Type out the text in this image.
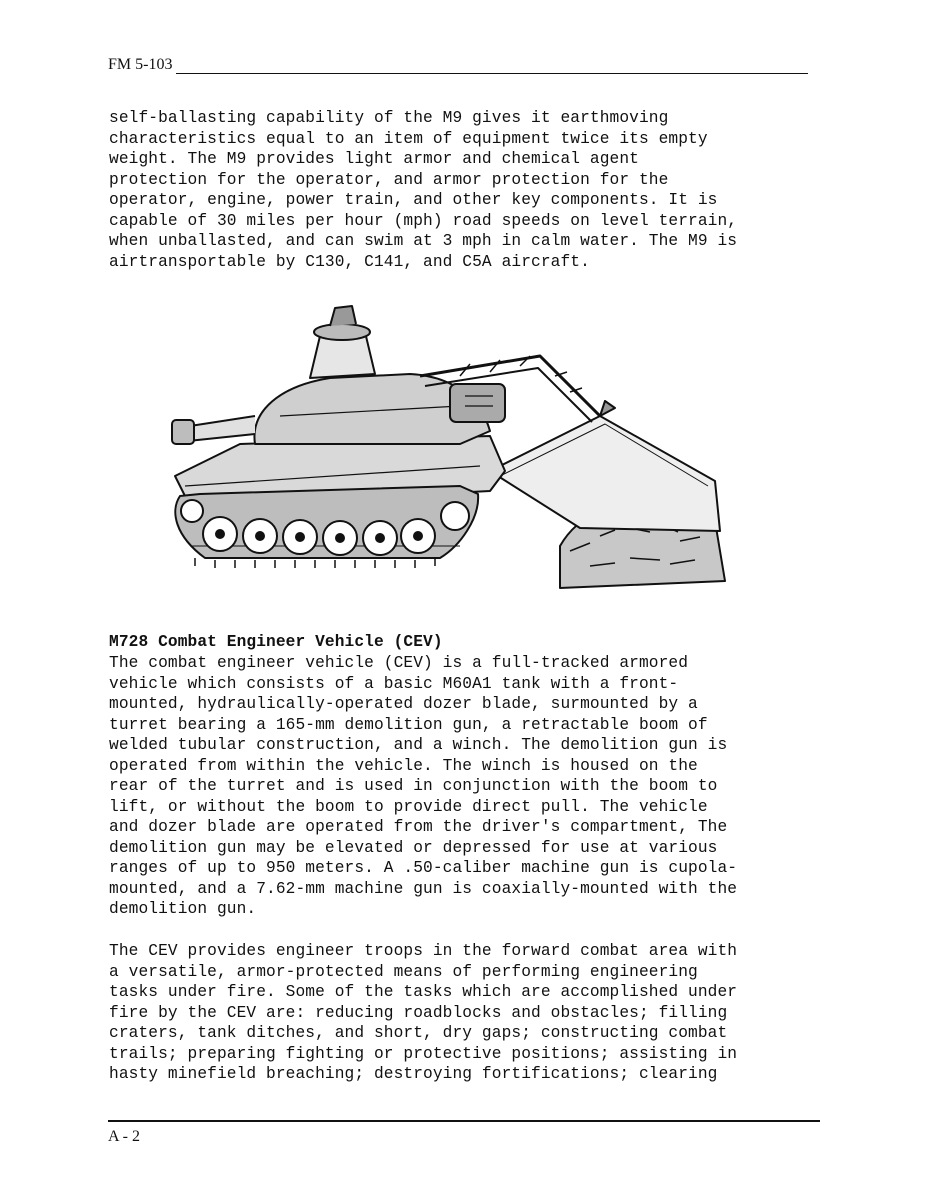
FM 5-103
self-ballasting capability of the M9 gives it earthmoving
characteristics equal to an item of equipment twice its empty
weight. The M9 provides light armor and chemical agent
protection for the operator, and armor protection for the
operator, engine, power train, and other key components. It is
capable of 30 miles per hour (mph) road speeds on level terrain,
when unballasted, and can swim at 3 mph in calm water. The M9 is
airtransportable by C130, C141, and C5A aircraft.
M728 Combat Engineer Vehicle (CEV)
The combat engineer vehicle (CEV) is a full-tracked armored
vehicle which consists of a basic M60A1 tank with a front-
mounted, hydraulically-operated dozer blade, surmounted by a
turret bearing a 165-mm demolition gun, a retractable boom of
welded tubular construction, and a winch. The demolition gun is
operated from within the vehicle. The winch is housed on the
rear of the turret and is used in conjunction with the boom to
lift, or without the boom to provide direct pull. The vehicle
and dozer blade are operated from the driver's compartment, The
demolition gun may be elevated or depressed for use at various
ranges of up to 950 meters. A .50-caliber machine gun is cupola-
mounted, and a 7.62-mm machine gun is coaxially-mounted with the
demolition gun.
The CEV provides engineer troops in the forward combat area with
a versatile, armor-protected means of performing engineering
tasks under fire. Some of the tasks which are accomplished under
fire by the CEV are: reducing roadblocks and obstacles; filling
craters, tank ditches, and short, dry gaps; constructing combat
trails; preparing fighting or protective positions; assisting in
hasty minefield breaching; destroying fortifications; clearing
A - 2
